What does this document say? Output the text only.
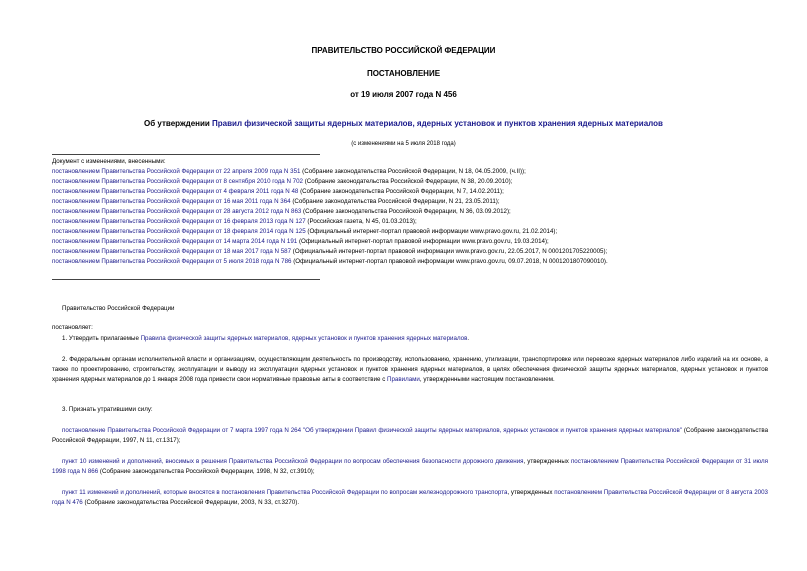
ПРАВИТЕЛЬСТВО РОССИЙСКОЙ ФЕДЕРАЦИИ
ПОСТАНОВЛЕНИЕ
от 19 июля 2007 года N 456
Об утверждении Правил физической защиты ядерных материалов, ядерных установок и пунктов хранения ядерных материалов
(с изменениями на 5 июля 2018 года)
Документ с изменениями, внесенными:
постановлением Правительства Российской Федерации от 22 апреля 2009 года N 351 (Собрание законодательства Российской Федерации, N 18, 04.05.2009, (ч.II));
постановлением Правительства Российской Федерации от 8 сентября 2010 года N 702 (Собрание законодательства Российской Федерации, N 38, 20.09.2010);
постановлением Правительства Российской Федерации от 4 февраля 2011 года N 48 (Собрание законодательства Российской Федерации, N 7, 14.02.2011);
постановлением Правительства Российской Федерации от 16 мая 2011 года N 364 (Собрание законодательства Российской Федерации, N 21, 23.05.2011);
постановлением Правительства Российской Федерации от 28 августа 2012 года N 863 (Собрание законодательства Российской Федерации, N 36, 03.09.2012);
постановлением Правительства Российской Федерации от 16 февраля 2013 года N 127 (Российская газета, N 45, 01.03.2013);
постановлением Правительства Российской Федерации от 18 февраля 2014 года N 125 (Официальный интернет-портал правовой информации www.pravo.gov.ru, 21.02.2014);
постановлением Правительства Российской Федерации от 14 марта 2014 года N 191 (Официальный интернет-портал правовой информации www.pravo.gov.ru, 19.03.2014);
постановлением Правительства Российской Федерации от 18 мая 2017 года N 587 (Официальный интернет-портал правовой информации www.pravo.gov.ru, 22.05.2017, N 0001201705220005);
постановлением Правительства Российской Федерации от 5 июля 2018 года N 786 (Официальный интернет-портал правовой информации www.pravo.gov.ru, 09.07.2018, N 0001201807090010).
Правительство Российской Федерации
постановляет:
1. Утвердить прилагаемые Правила физической защиты ядерных материалов, ядерных установок и пунктов хранения ядерных материалов.
2. Федеральным органам исполнительной власти и организациям, осуществляющим деятельность по производству, использованию, хранению, утилизации, транспортировке или перевозке ядерных материалов либо изделий на их основе, а также по проектированию, строительству, эксплуатации и выводу из эксплуатации ядерных установок и пунктов хранения ядерных материалов, в целях обеспечения физической защиты ядерных материалов, ядерных установок и пунктов хранения ядерных материалов до 1 января 2008 года привести свои нормативные правовые акты в соответствие с Правилами, утвержденными настоящим постановлением.
3. Признать утратившими силу:
постановление Правительства Российской Федерации от 7 марта 1997 года N 264 "Об утверждении Правил физической защиты ядерных материалов, ядерных установок и пунктов хранения ядерных материалов" (Собрание законодательства Российской Федерации, 1997, N 11, ст.1317);
пункт 10 изменений и дополнений, вносимых в решения Правительства Российской Федерации по вопросам обеспечения безопасности дорожного движения, утвержденных постановлением Правительства Российской Федерации от 31 июля 1998 года N 866 (Собрание законодательства Российской Федерации, 1998, N 32, ст.3910);
пункт 11 изменений и дополнений, которые вносятся в постановления Правительства Российской Федерации по вопросам железнодорожного транспорта, утвержденных постановлением Правительства Российской Федерации от 8 августа 2003 года N 476 (Собрание законодательства Российской Федерации, 2003, N 33, ст.3270).
